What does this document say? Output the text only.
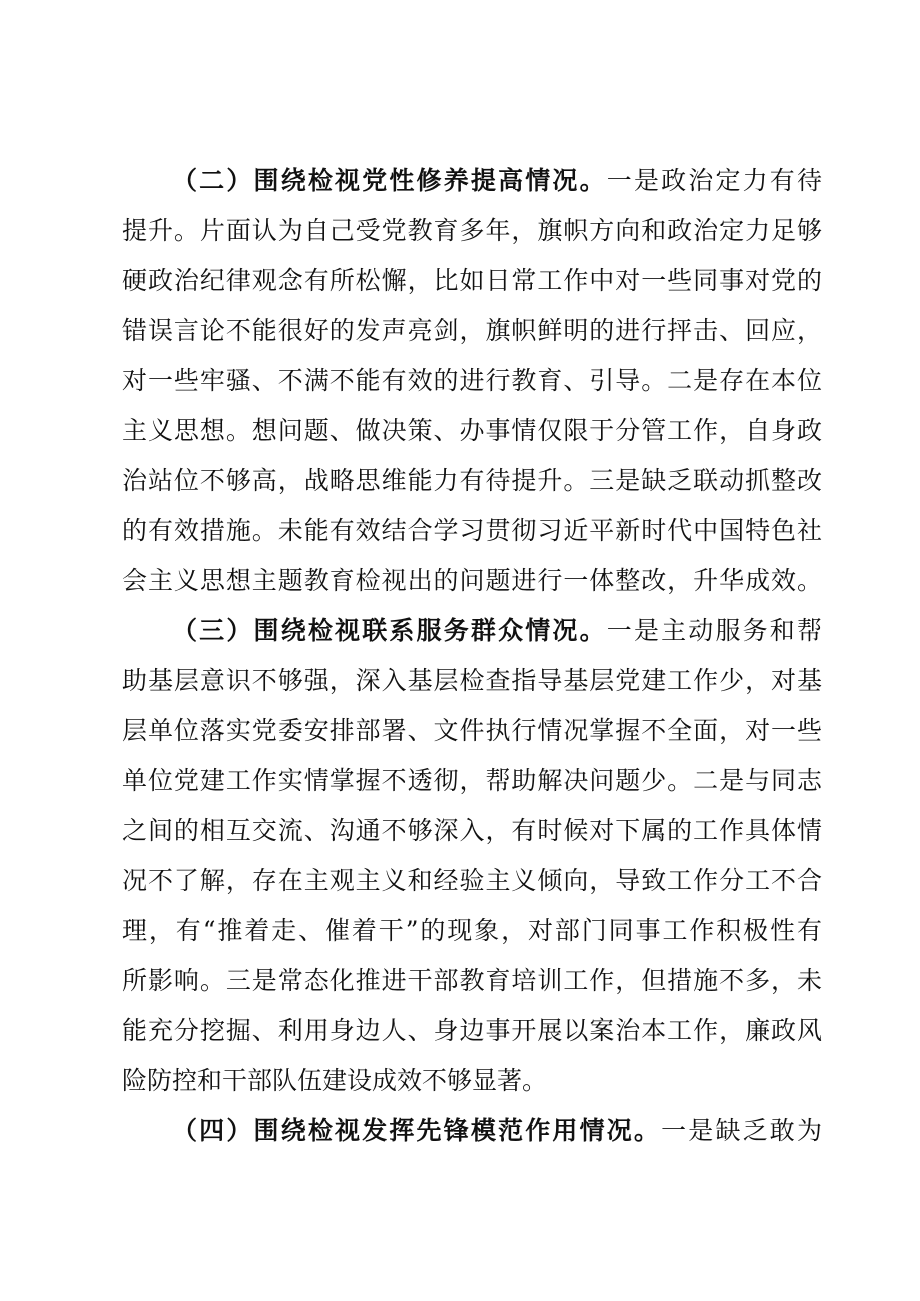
（二）围绕检视党性修养提高情况。一是政治定力有待
提升。片面认为自己受党教育多年，旗帜方向和政治定力足够
硬政治纪律观念有所松懈，比如日常工作中对一些同事对党的
错误言论不能很好的发声亮剑，旗帜鲜明的进行抨击、回应，
对一些牢骚、不满不能有效的进行教育、引导。二是存在本位
主义思想。想问题、做决策、办事情仅限于分管工作，自身政
治站位不够高，战略思维能力有待提升。三是缺乏联动抓整改
的有效措施。未能有效结合学习贯彻习近平新时代中国特色社
会主义思想主题教育检视出的问题进行一体整改，升华成效。
（三）围绕检视联系服务群众情况。一是主动服务和帮
助基层意识不够强，深入基层检查指导基层党建工作少，对基
层单位落实党委安排部署、文件执行情况掌握不全面，对一些
单位党建工作实情掌握不透彻，帮助解决问题少。二是与同志
之间的相互交流、沟通不够深入，有时候对下属的工作具体情
况不了解，存在主观主义和经验主义倾向，导致工作分工不合
理，有“推着走、催着干”的现象，对部门同事工作积极性有
所影响。三是常态化推进干部教育培训工作，但措施不多，未
能充分挖掘、利用身边人、身边事开展以案治本工作，廉政风
险防控和干部队伍建设成效不够显著。
（四）围绕检视发挥先锋模范作用情况。一是缺乏敢为
